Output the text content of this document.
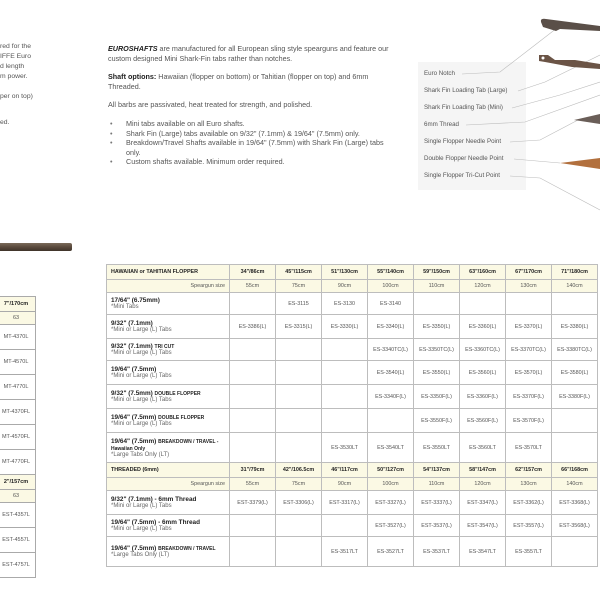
red for the
IFFE Euro
d length
m power.

per on top)

ed.

7"/170cm
63
MT-4370L
MT-4570L
MT-4770L
MT-4370FL
MT-4570FL
MT-4770FL
2"/157cm
63
EST-4357L
EST-4557L
EST-4757L

EUROSHAFTS are manufactured for all European sling style spearguns and feature our custom designed Mini Shark-Fin tabs rather than notches.

Shaft options: Hawaiian (flopper on bottom) or Tahitian (flopper on top) and 6mm Threaded.

All barbs are passivated, heat treated for strength, and polished.

• Mini tabs available on all Euro shafts.
• Shark Fin (Large) tabs available on 9/32" (7.1mm) & 19/64" (7.5mm) only.
• Breakdown/Travel Shafts available in 19/64" (7.5mm) with Shark Fin (Large) tabs only.
• Custom shafts available. Minimum order required.
Euro Notch
Shark Fin Loading Tab (Large)
Shark Fin Loading Tab (Mini)
6mm Thread
Single Flopper Needle Point
Double Flopper Needle Point
Single Flopper Tri-Cut Point
HAWAIIAN or TAHITIAN FLOPPER	34"/86cm	45"/115cm	51"/130cm	55"/140cm	59"/150cm	63"/160cm	67"/170cm	71"/180cm
Speargun size	55cm	75cm	90cm	100cm	110cm	120cm	130cm	140cm

17/64" (6.75mm)
*Mini Tabs		ES-3115	ES-3130	ES-3140				

9/32" (7.1mm)
*Mini or Large (L) Tabs	ES-3386(L)	ES-3315(L)	ES-3330(L)	ES-3340(L)	ES-3350(L)	ES-3360(L)	ES-3370(L)	ES-3380(L)

9/32" (7.1mm) TRI CUT
*Mini or Large (L) Tabs				ES-3340TC(L)	ES-3350TC(L)	ES-3360TC(L)	ES-3370TC(L)	ES-3380TC(L)

19/64" (7.5mm)
*Mini or Large (L) Tabs				ES-3540(L)	ES-3550(L)	ES-3560(L)	ES-3570(L)	ES-3580(L)

9/32" (7.5mm) DOUBLE FLOPPER
*Mini or Large (L) Tabs				ES-3340F(L)	ES-3350F(L)	ES-3360F(L)	ES-3370F(L)	ES-3380F(L)

19/64" (7.5mm) DOUBLE FLOPPER
*Mini or Large (L) Tabs					ES-3550F(L)	ES-3560F(L)	ES-3570F(L)	

19/64" (7.5mm) BREAKDOWN / TRAVEL - Hawaiian Only
*Large Tabs Only (LT)			ES-3530LT	ES-3540LT	ES-3550LT	ES-3560LT	ES-3570LT	
THREADED (6mm)	31"/79cm	42"/106.5cm	46"/117cm	50"/127cm	54"/137cm	58"/147cm	62"/157cm	66"/168cm
Speargun size	55cm	75cm	90cm	100cm	110cm	120cm	130cm	140cm

9/32" (7.1mm) - 6mm Thread
*Mini or Large (L) Tabs	EST-3379(L)	EST-3306(L)	EST-3317(L)	EST-3327(L)	EST-3337(L)	EST-3347(L)	EST-3362(L)	EST-3368(L)

19/64" (7.5mm) - 6mm Thread
*Mini or Large (L) Tabs				EST-3527(L)	EST-3537(L)	EST-3547(L)	EST-3557(L)	EST-3568(L)

19/64" (7.5mm) BREAKDOWN / TRAVEL
*Large Tabs Only (LT)			ES-3517LT	ES-3527LT	ES-3537LT	ES-3547LT	ES-3557LT	
